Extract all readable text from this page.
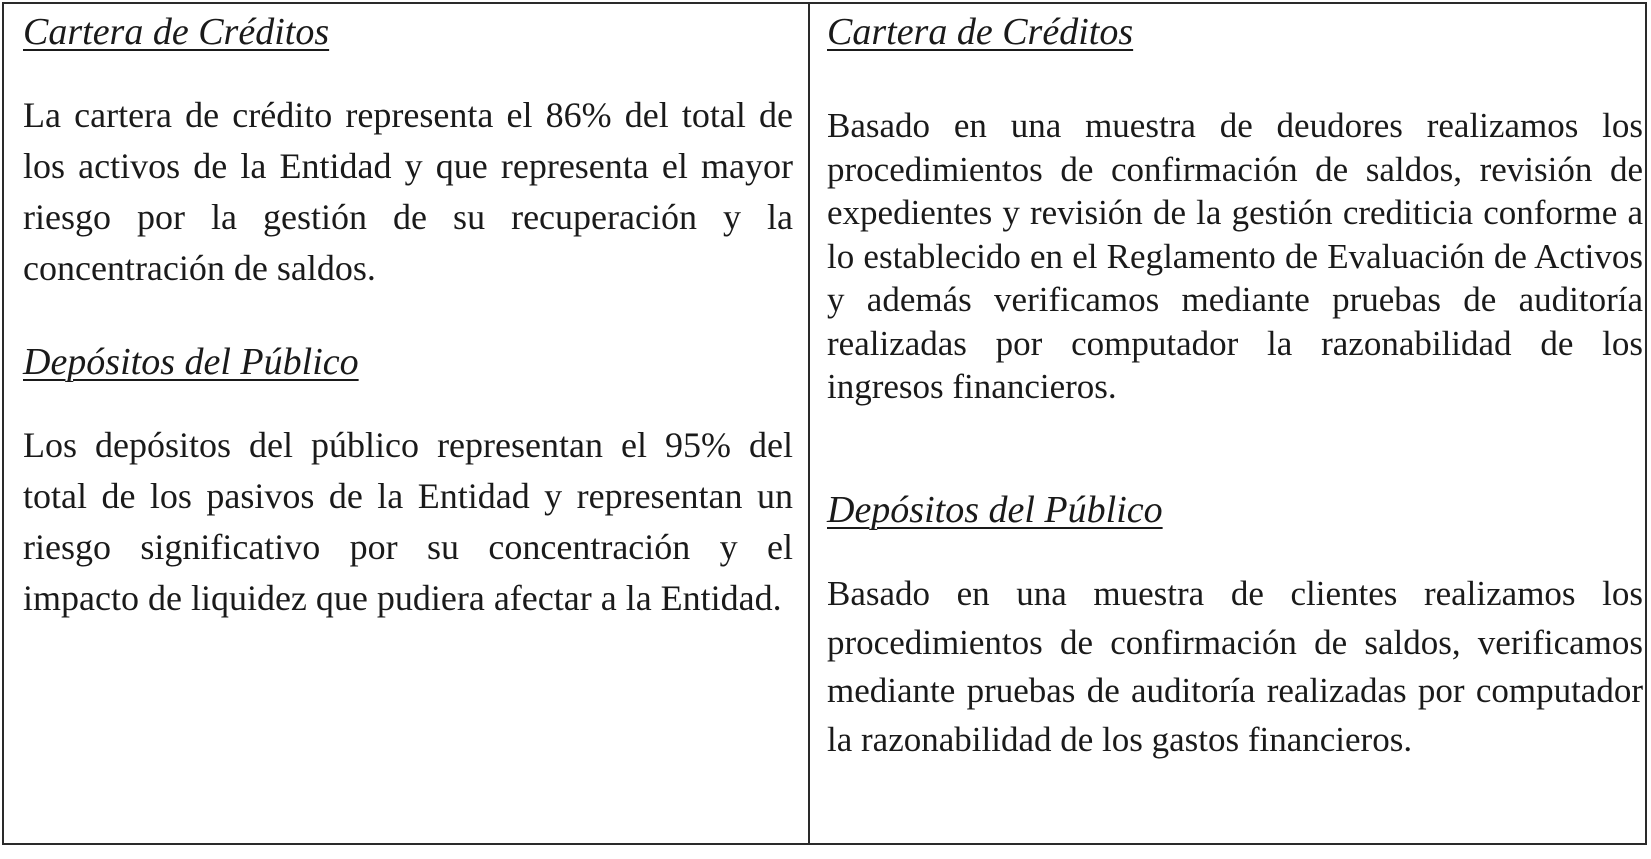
Cartera de Créditos

La cartera de crédito representa el 86% del total de los activos de la Entidad y que representa el mayor riesgo por la gestión de su recuperación y la concentración de saldos.

Depósitos del Público

Los depósitos del público representan el 95% del total de los pasivos de la Entidad y representan un riesgo significativo por su concentración y el impacto de liquidez que pudiera afectar a la Entidad.

Cartera de Créditos

Basado en una muestra de deudores realizamos los procedimientos de confirmación de saldos, revisión de expedientes y revisión de la gestión crediticia conforme a lo establecido en el Reglamento de Evaluación de Activos y además verificamos mediante pruebas de auditoría realizadas por computador la razonabilidad de los ingresos financieros.

Depósitos del Público

Basado en una muestra de clientes realizamos los procedimientos de confirmación de saldos, verificamos mediante pruebas de auditoría realizadas por computador la razonabilidad de los gastos financieros.
